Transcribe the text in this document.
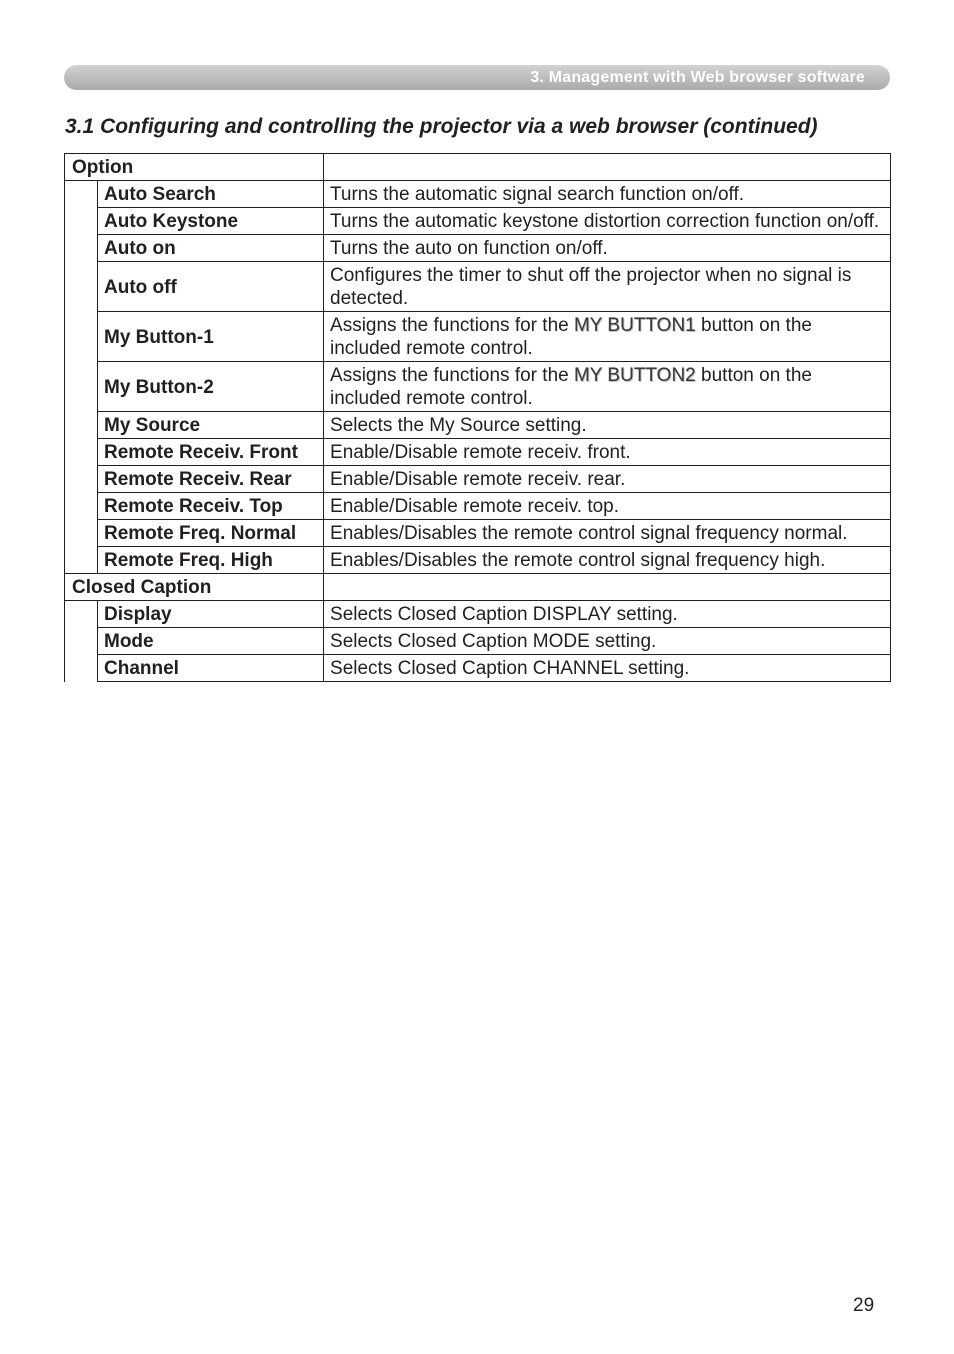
3. Management with Web browser software
3.1 Configuring and controlling the projector via a web browser (continued)
Option		
	Auto Search	Turns the automatic signal search function on/off.
	Auto Keystone	Turns the automatic keystone distortion correction function on/off.
	Auto on	Turns the auto on function on/off.
	Auto off	Configures the timer to shut off the projector when no signal is detected.
	My Button-1	Assigns the functions for the MY BUTTON1 button on the included remote control.
	My Button-2	Assigns the functions for the MY BUTTON2 button on the included remote control.
	My Source	Selects the My Source setting.
	Remote Receiv. Front	Enable/Disable remote receiv. front.
	Remote Receiv. Rear	Enable/Disable remote receiv. rear.
	Remote Receiv. Top	Enable/Disable remote receiv. top.
	Remote Freq. Normal	Enables/Disables the remote control signal frequency normal.
	Remote Freq. High	Enables/Disables the remote control signal frequency high.
Closed Caption		
	Display	Selects Closed Caption DISPLAY setting.
	Mode	Selects Closed Caption MODE setting.
	Channel	Selects Closed Caption CHANNEL setting.
29
